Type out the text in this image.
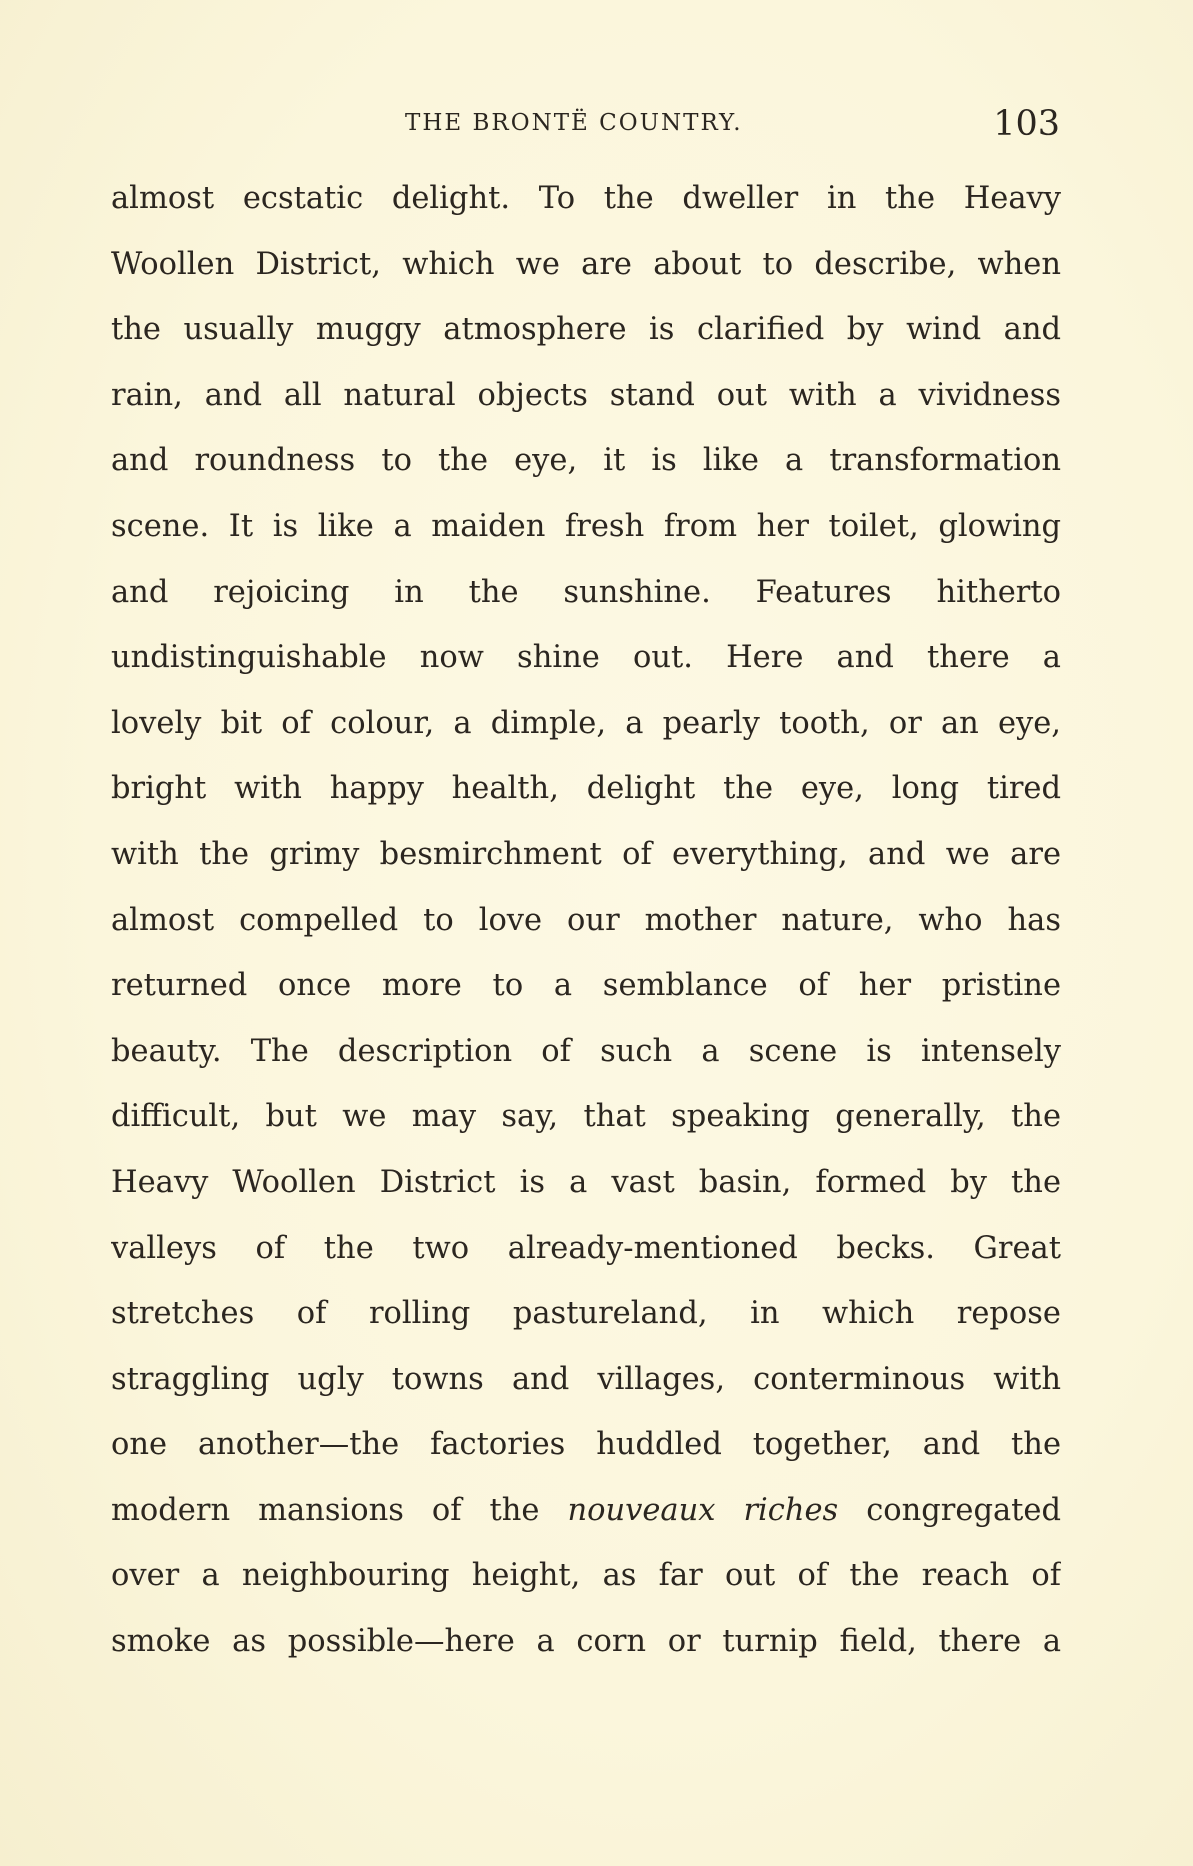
THE BRONTË COUNTRY.	103
almost ecstatic delight. To the dweller in the Heavy
Woollen District, which we are about to describe, when
the usually muggy atmosphere is clarified by wind and
rain, and all natural objects stand out with a vividness
and roundness to the eye, it is like a transformation
scene. It is like a maiden fresh from her toilet, glowing
and rejoicing in the sunshine. Features hitherto
undistinguishable now shine out. Here and there a
lovely bit of colour, a dimple, a pearly tooth, or an eye,
bright with happy health, delight the eye, long tired
with the grimy besmirchment of everything, and we are
almost compelled to love our mother nature, who has
returned once more to a semblance of her pristine
beauty. The description of such a scene is intensely
difficult, but we may say, that speaking generally, the
Heavy Woollen District is a vast basin, formed by the
valleys of the two already-mentioned becks. Great
stretches of rolling pastureland, in which repose
straggling ugly towns and villages, conterminous with
one another—the factories huddled together, and the
modern mansions of the nouveaux riches congregated
over a neighbouring height, as far out of the reach of
smoke as possible—here a corn or turnip field, there a
